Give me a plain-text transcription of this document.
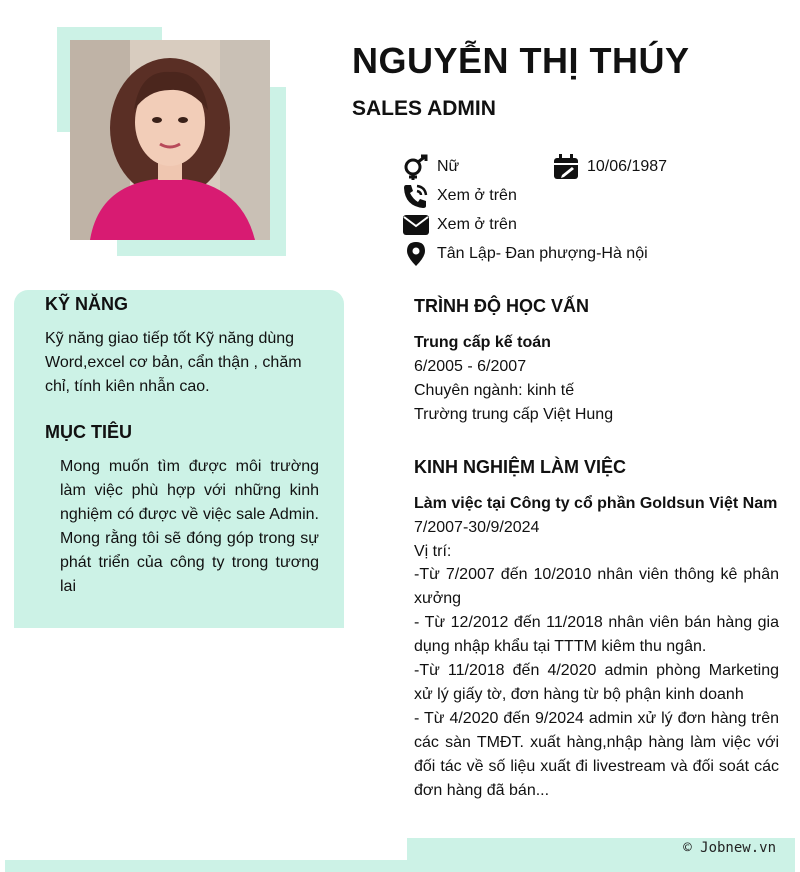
NGUYỄN THỊ THÚY
SALES ADMIN
Nữ	10/06/1987
Xem ở trên
Xem ở trên
Tân Lập- Đan phượng-Hà nội
KỸ NĂNG
Kỹ năng giao tiếp tốt Kỹ năng dùng Word,excel cơ bản, cẩn thận , chăm chỉ, tính kiên nhẫn cao.
MỤC TIÊU
Mong muốn tìm được môi trường làm việc phù hợp với những kinh nghiệm có được về việc sale Admin. Mong rằng tôi sẽ đóng góp trong sự phát triển của công ty trong tương lai
TRÌNH ĐỘ HỌC VẤN
Trung cấp kế toán
6/2005 - 6/2007
Chuyên ngành: kinh tế
Trường trung cấp Việt Hung
KINH NGHIỆM LÀM VIỆC
Làm việc tại Công ty cổ phần Goldsun Việt Nam
7/2007-30/9/2024
Vị trí:

-Từ 7/2007 đến 10/2010 nhân viên thông kê phân xưởng

- Từ 12/2012 đến 11/2018 nhân viên bán hàng gia dụng nhập khẩu tại TTTM kiêm thu ngân.

-Từ 11/2018 đến 4/2020 admin phòng Marketing xử lý giấy tờ, đơn hàng từ bộ phận kinh doanh

- Từ 4/2020 đến 9/2024 admin xử lý đơn hàng trên các sàn TMĐT. xuất hàng,nhập hàng làm việc với đối tác về số liệu xuất đi livestream và đối soát các đơn hàng đã bán...

© Jobnew.vn
